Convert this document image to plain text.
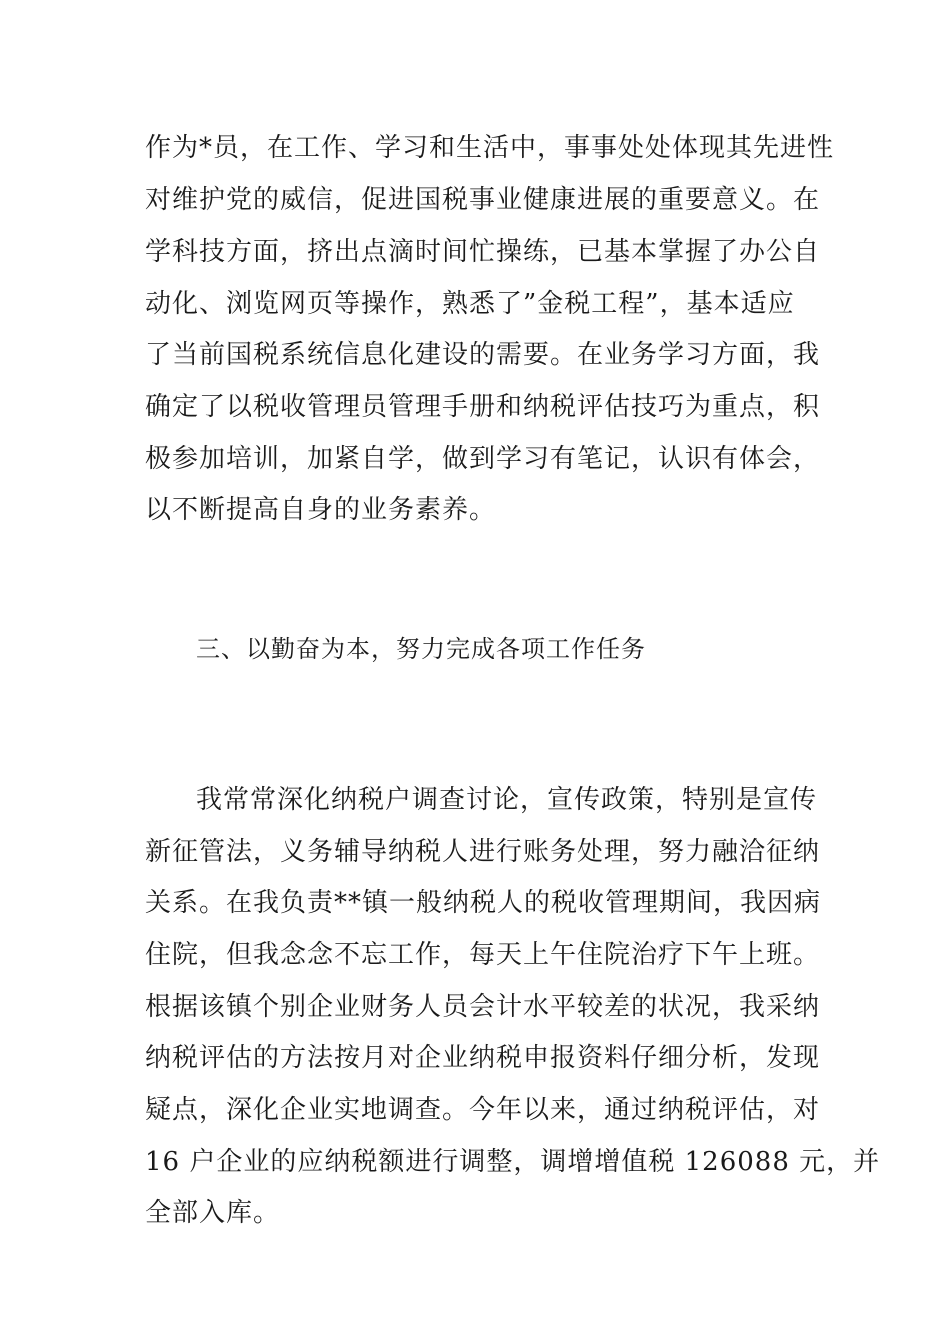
作为*员，在工作、学习和生活中，事事处处体现其先进性
对维护党的威信，促进国税事业健康进展的重要意义。在
学科技方面，挤出点滴时间忙操练，已基本掌握了办公自
动化、浏览网页等操作，熟悉了”金税工程”，基本适应
了当前国税系统信息化建设的需要。在业务学习方面，我
确定了以税收管理员管理手册和纳税评估技巧为重点，积
极参加培训，加紧自学，做到学习有笔记，认识有体会，
以不断提高自身的业务素养。
三、以勤奋为本，努力完成各项工作任务
我常常深化纳税户调查讨论，宣传政策，特别是宣传
新征管法，义务辅导纳税人进行账务处理，努力融洽征纳
关系。在我负责**镇一般纳税人的税收管理期间，我因病
住院，但我念念不忘工作，每天上午住院治疗下午上班。
根据该镇个别企业财务人员会计水平较差的状况，我采纳
纳税评估的方法按月对企业纳税申报资料仔细分析，发现
疑点，深化企业实地调查。今年以来，通过纳税评估，对
16 户企业的应纳税额进行调整，调增增值税 126088 元，并
全部入库。
